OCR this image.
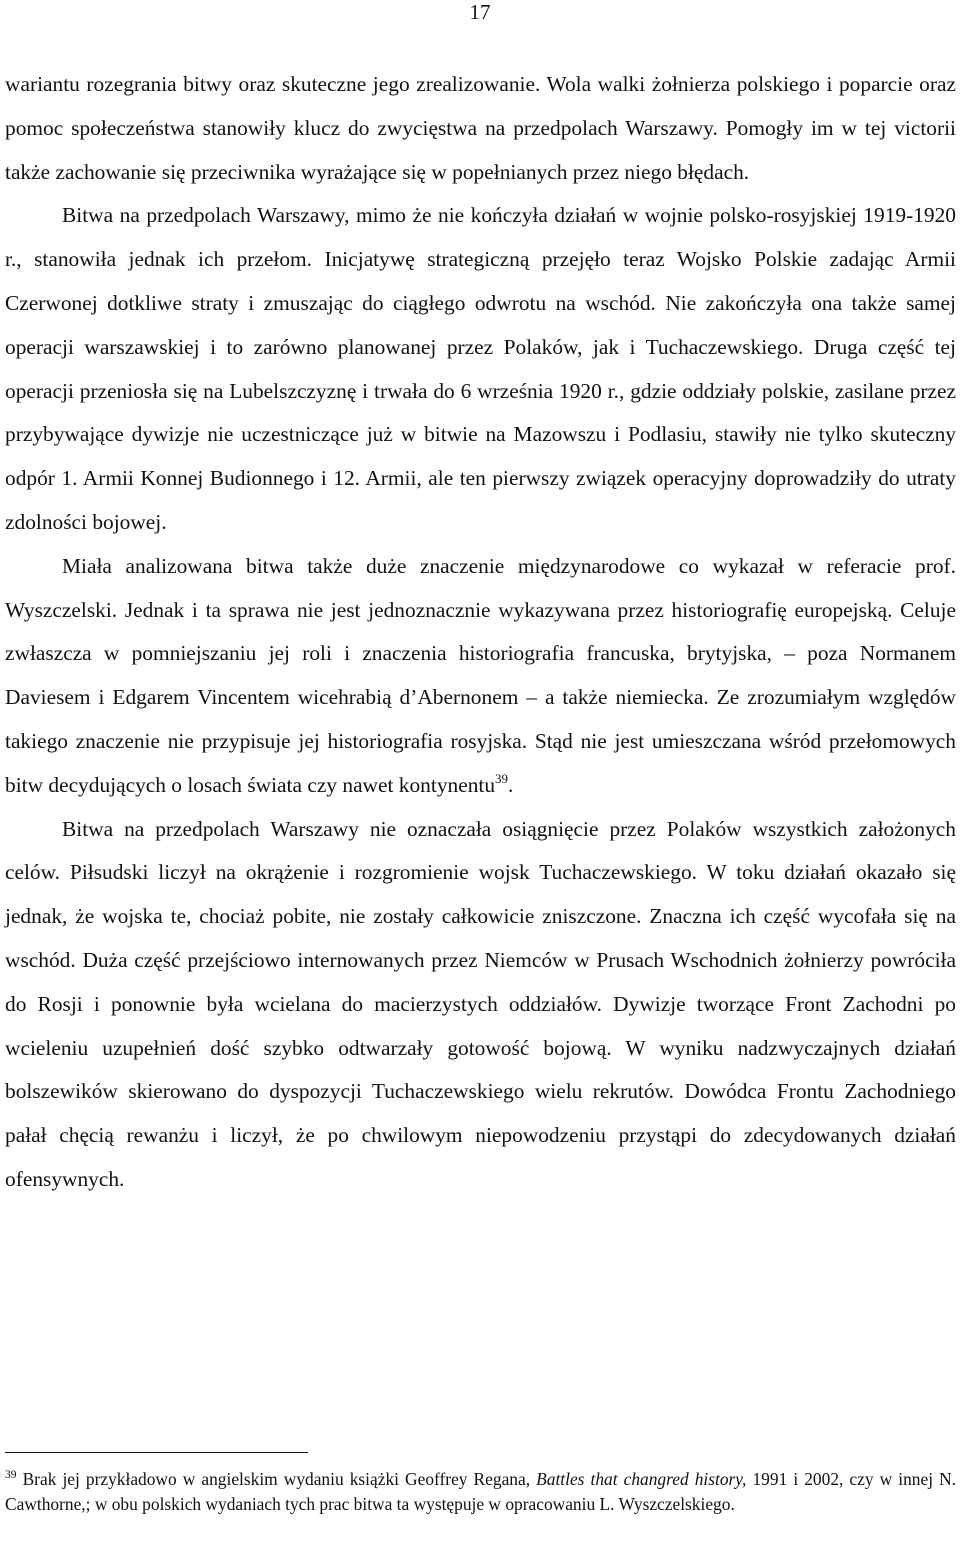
17

wariantu rozegrania bitwy oraz skuteczne jego zrealizowanie. Wola walki żołnierza polskiego i poparcie oraz pomoc społeczeństwa stanowiły klucz do zwycięstwa na przedpolach Warszawy. Pomogły im w tej victorii także zachowanie się przeciwnika wyrażające się w popełnianych przez niego błędach.

Bitwa na przedpolach Warszawy, mimo że nie kończyła działań w wojnie polsko-rosyjskiej 1919-1920 r., stanowiła jednak ich przełom. Inicjatywę strategiczną przejęło teraz Wojsko Polskie zadając Armii Czerwonej dotkliwe straty i zmuszając do ciągłego odwrotu na wschód. Nie zakończyła ona także samej operacji warszawskiej i to zarówno planowanej przez Polaków, jak i Tuchaczewskiego. Druga część tej operacji przeniosła się na Lubelszczyznę i trwała do 6 września 1920 r., gdzie oddziały polskie, zasilane przez przybywające dywizje nie uczestniczące już w bitwie na Mazowszu i Podlasiu, stawiły nie tylko skuteczny odpór 1. Armii Konnej Budionnego i 12. Armii, ale ten pierwszy związek operacyjny doprowadziły do utraty zdolności bojowej.

Miała analizowana bitwa także duże znaczenie międzynarodowe co wykazał w referacie prof. Wyszczelski. Jednak i ta sprawa nie jest jednoznacznie wykazywana przez historiografię europejską. Celuje zwłaszcza w pomniejszaniu jej roli i znaczenia historiografia francuska, brytyjska, – poza Normanem Daviesem i Edgarem Vincentem wicehrabią d’Abernonem – a także niemiecka. Ze zrozumiałym względów takiego znaczenie nie przypisuje jej historiografia rosyjska. Stąd nie jest umieszczana wśród przełomowych bitw decydujących o losach świata czy nawet kontynentu$^{39}$.

Bitwa na przedpolach Warszawy nie oznaczała osiągnięcie przez Polaków wszystkich założonych celów. Piłsudski liczył na okrążenie i rozgromienie wojsk Tuchaczewskiego. W toku działań okazało się jednak, że wojska te, chociaż pobite, nie zostały całkowicie zniszczone. Znaczna ich część wycofała się na wschód. Duża część przejściowo internowanych przez Niemców w Prusach Wschodnich żołnierzy powróciła do Rosji i ponownie była wcielana do macierzystych oddziałów. Dywizje tworzące Front Zachodni po wcieleniu uzupełnień dość szybko odtwarzały gotowość bojową. W wyniku nadzwyczajnych działań bolszewików skierowano do dyspozycji Tuchaczewskiego wielu rekrutów. Dowódca Frontu Zachodniego pałał chęcią rewanżu i liczył, że po chwilowym niepowodzeniu przystąpi do zdecydowanych działań ofensywnych.

$^{39}$ Brak jej przykładowo w angielskim wydaniu książki Geoffrey Regana, Battles that changred history, 1991 i 2002, czy w innej N. Cawthorne,; w obu polskich wydaniach tych prac bitwa ta występuje w opracowaniu L. Wyszczelskiego.
